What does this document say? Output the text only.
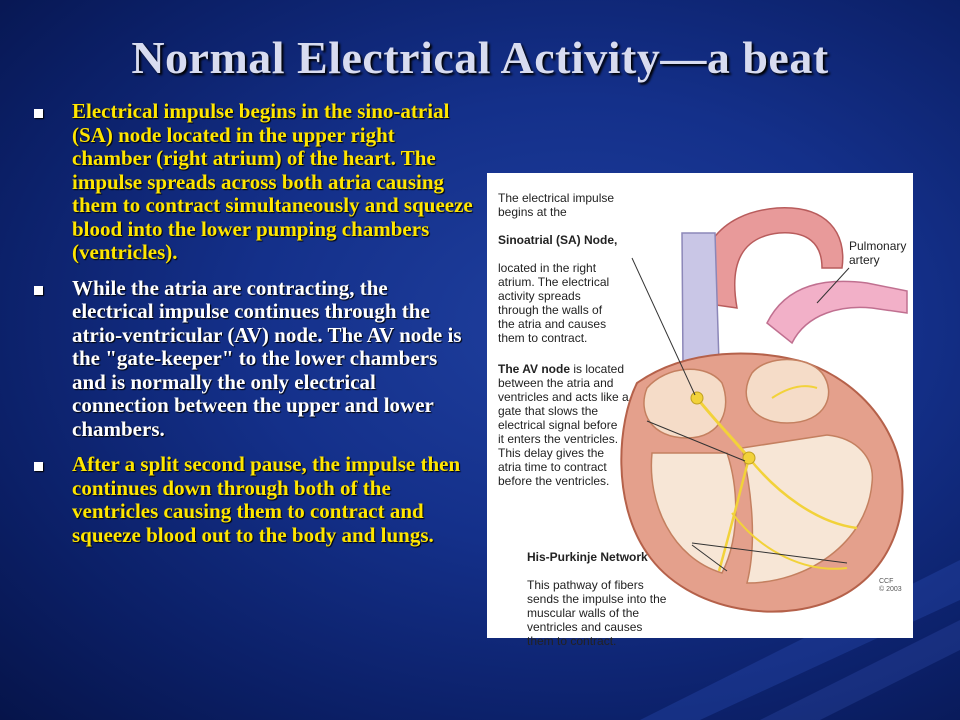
Normal Electrical Activity—a beat
Electrical impulse begins in the sino-atrial (SA) node located in the upper right chamber (right atrium) of the heart. The impulse spreads across both atria causing them to contract simultaneously and squeeze blood into the lower pumping chambers (ventricles).
While the atria are contracting, the electrical impulse continues through the atrio-ventricular (AV) node. The AV node is the "gate-keeper" to the lower chambers and is normally the only electrical connection between the upper and lower chambers.
After a split second pause, the impulse then continues down through both of the ventricles causing them to contract and squeeze blood out to the body and lungs.

The electrical impulse
begins at the

Sinoatrial (SA) Node,

located in the right
atrium. The electrical
activity spreads
through the walls of
the atria and causes
them to contract.

Pulmonary
artery

The AV node is located
between the atria and
ventricles and acts like a
gate that slows the
electrical signal before
it enters the ventricles.
This delay gives the
atria time to contract
before the ventricles.

His-Purkinje Network

This pathway of fibers
sends the impulse into the
muscular walls of the
ventricles and causes
them to contract.

CCF
© 2003
